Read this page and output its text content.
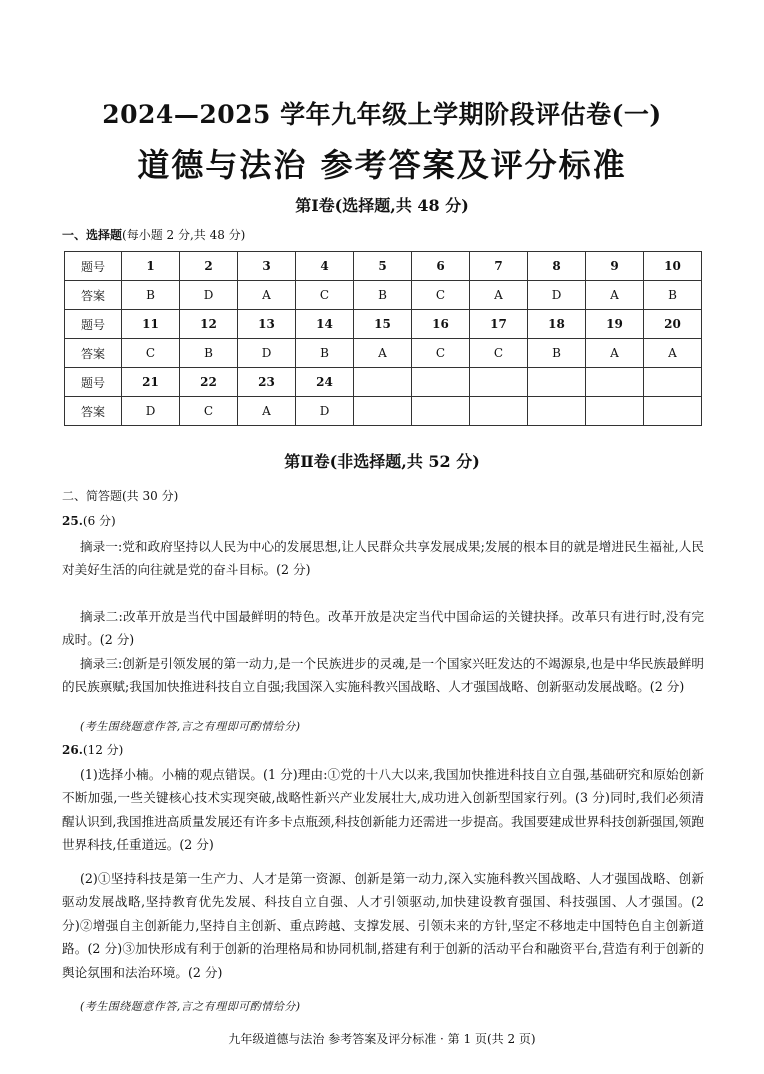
2024—2025 学年九年级上学期阶段评估卷(一)
道德与法治 参考答案及评分标准
第Ⅰ卷(选择题,共 48 分)
一、选择题(每小题 2 分,共 48 分)
题号	1	2	3	4	5	6	7	8	9	10
答案	B	D	A	C	B	C	A	D	A	B
题号	11	12	13	14	15	16	17	18	19	20
答案	C	B	D	B	A	C	C	B	A	A
题号	21	22	23	24						
答案	D	C	A	D						
第Ⅱ卷(非选择题,共 52 分)
二、简答题(共 30 分)
25.(6 分)
摘录一:党和政府坚持以人民为中心的发展思想,让人民群众共享发展成果;发展的根本目的就是增进民生福祉,人民对美好生活的向往就是党的奋斗目标。(2 分)
摘录二:改革开放是当代中国最鲜明的特色。改革开放是决定当代中国命运的关键抉择。改革只有进行时,没有完成时。(2 分)
摘录三:创新是引领发展的第一动力,是一个民族进步的灵魂,是一个国家兴旺发达的不竭源泉,也是中华民族最鲜明的民族禀赋;我国加快推进科技自立自强;我国深入实施科教兴国战略、人才强国战略、创新驱动发展战略。(2 分)
(考生围绕题意作答,言之有理即可酌情给分)
26.(12 分)
(1)选择小楠。小楠的观点错误。(1 分)理由:①党的十八大以来,我国加快推进科技自立自强,基础研究和原始创新不断加强,一些关键核心技术实现突破,战略性新兴产业发展壮大,成功进入创新型国家行列。(3 分)同时,我们必须清醒认识到,我国推进高质量发展还有许多卡点瓶颈,科技创新能力还需进一步提高。我国要建成世界科技创新强国,领跑世界科技,任重道远。(2 分)
(2)①坚持科技是第一生产力、人才是第一资源、创新是第一动力,深入实施科教兴国战略、人才强国战略、创新驱动发展战略,坚持教育优先发展、科技自立自强、人才引领驱动,加快建设教育强国、科技强国、人才强国。(2 分)②增强自主创新能力,坚持自主创新、重点跨越、支撑发展、引领未来的方针,坚定不移地走中国特色自主创新道路。(2 分)③加快形成有利于创新的治理格局和协同机制,搭建有利于创新的活动平台和融资平台,营造有利于创新的舆论氛围和法治环境。(2 分)
(考生围绕题意作答,言之有理即可酌情给分)
九年级道德与法治 参考答案及评分标准 · 第 1 页(共 2 页)
